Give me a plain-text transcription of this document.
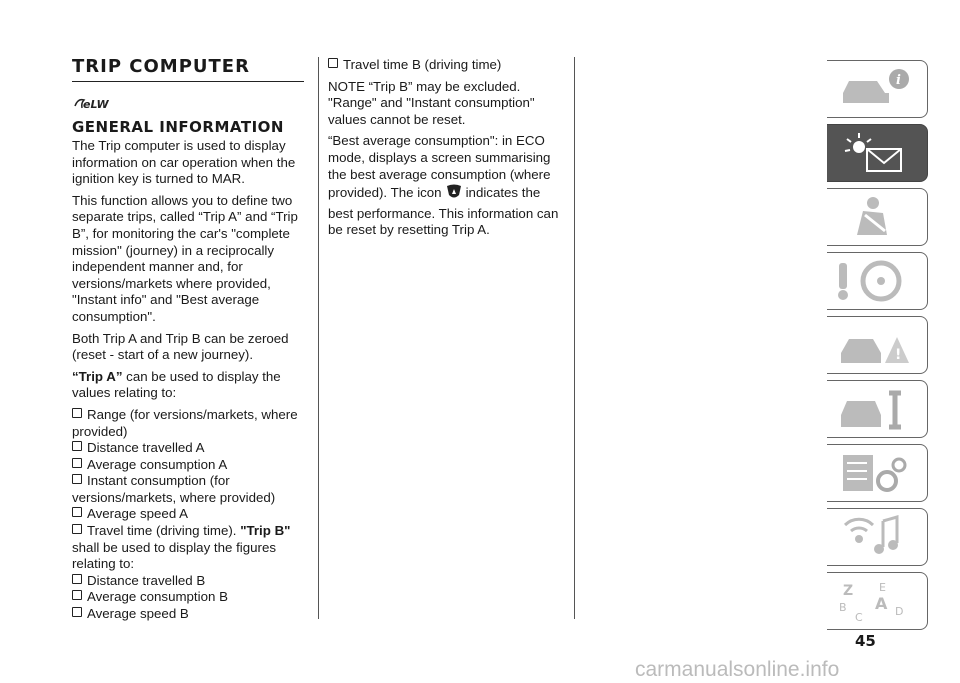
TRIP COMPUTER
eLW
GENERAL INFORMATION

The Trip computer is used to display information on car operation when the ignition key is turned to MAR.

This function allows you to define two separate trips, called “Trip A” and “Trip B”, for monitoring the car's "complete mission" (journey) in a reciprocally independent manner and, for versions/markets where provided, "Instant info" and "Best average consumption".

Both Trip A and Trip B can be zeroed (reset - start of a new journey).

“Trip A” can be used to display the values relating to:

Range (for versions/markets, where provided)
Distance travelled A
Average consumption A
Instant consumption (for versions/markets, where provided)
Average speed A
Travel time (driving time). "Trip B" shall be used to display the figures relating to:
Distance travelled B
Average consumption B
Average speed B
Travel time B (driving time)

NOTE “Trip B” may be excluded. "Range" and "Instant consumption" values cannot be reset.

“Best average consumption": in ECO mode, displays a screen summarising the best average consumption (where provided). The icon indicates the best performance. This information can be reset by resetting Trip A.

i
!
Z E
B A
C	D
45
carmanualsonline.info
